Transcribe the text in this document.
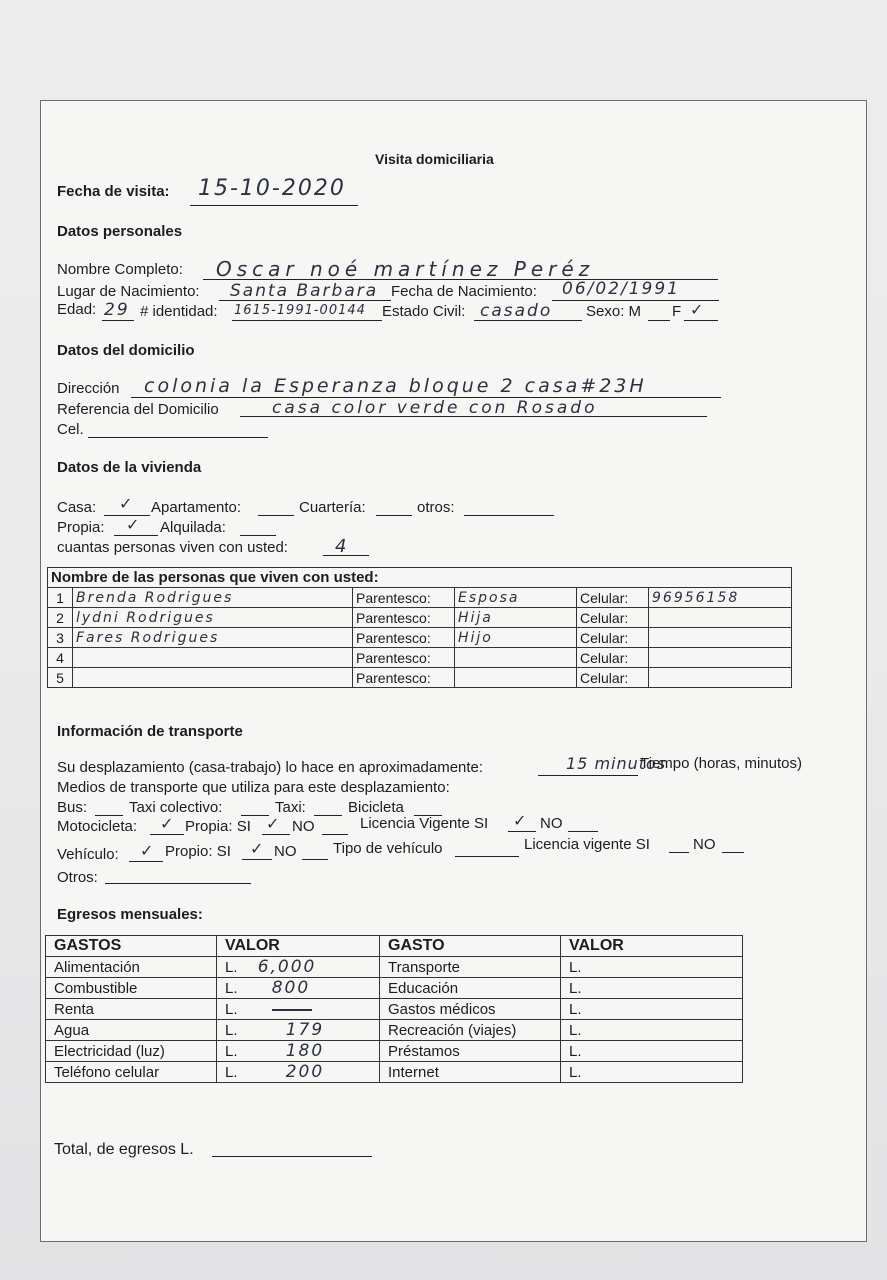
Visita domiciliaria
Fecha de visita: 15-10-2020
Datos personales
Nombre Completo: Oscar noé martínez Peréz
Lugar de Nacimiento: Santa Barbara Fecha de Nacimiento: 06/02/1991
Edad: 29 # identidad: 1615-1991-00144 Estado Civil: casado Sexo: M F ✓
Datos del domicilio
Dirección colonia la Esperanza bloque 2 casa#23H
Referencia del Domicilio	casa color verde con Rosado
Cel.
Datos de la vivienda
Casa: ✓ Apartamento:	Cuartería:	otros:
Propia: ✓ Alquilada:
cuantas personas viven con usted:	4
Nombre de las personas que viven con usted:					
1	Brenda Rodrigues	Parentesco:	Esposa	Celular:	96956158
2	lydni Rodrigues	Parentesco:	Hija	Celular:	
3	Fares Rodrigues	Parentesco:	Hijo	Celular:	
4		Parentesco:		Celular:	
5		Parentesco:		Celular:	
Información de transporte
Su desplazamiento (casa-trabajo) lo hace en aproximadamente:	15 minutos
Tiempo (horas, minutos)
Medios de transporte que utiliza para este desplazamiento:
Bus:	Taxi colectivo:	Taxi:	Bicicleta
Motocicleta: ✓ Propia: SI ✓ NO	Licencia Vigente SI ✓ NO
Vehículo: ✓ Propio: SI ✓ NO Tipo de vehículo	Licencia vigente SI	NO
Otros:
Egresos mensuales:
GASTOS	VALOR	GASTO	VALOR
Alimentación	L. 6,000	Transporte	L.
Combustible	L. 800	Educación	L.
Renta	L.	Gastos médicos	L.
Agua	L. 179	Recreación (viajes)	L.
Electricidad (luz)	L. 180	Préstamos	L.
Teléfono celular	L. 200	Internet	L.
Total, de egresos L.
